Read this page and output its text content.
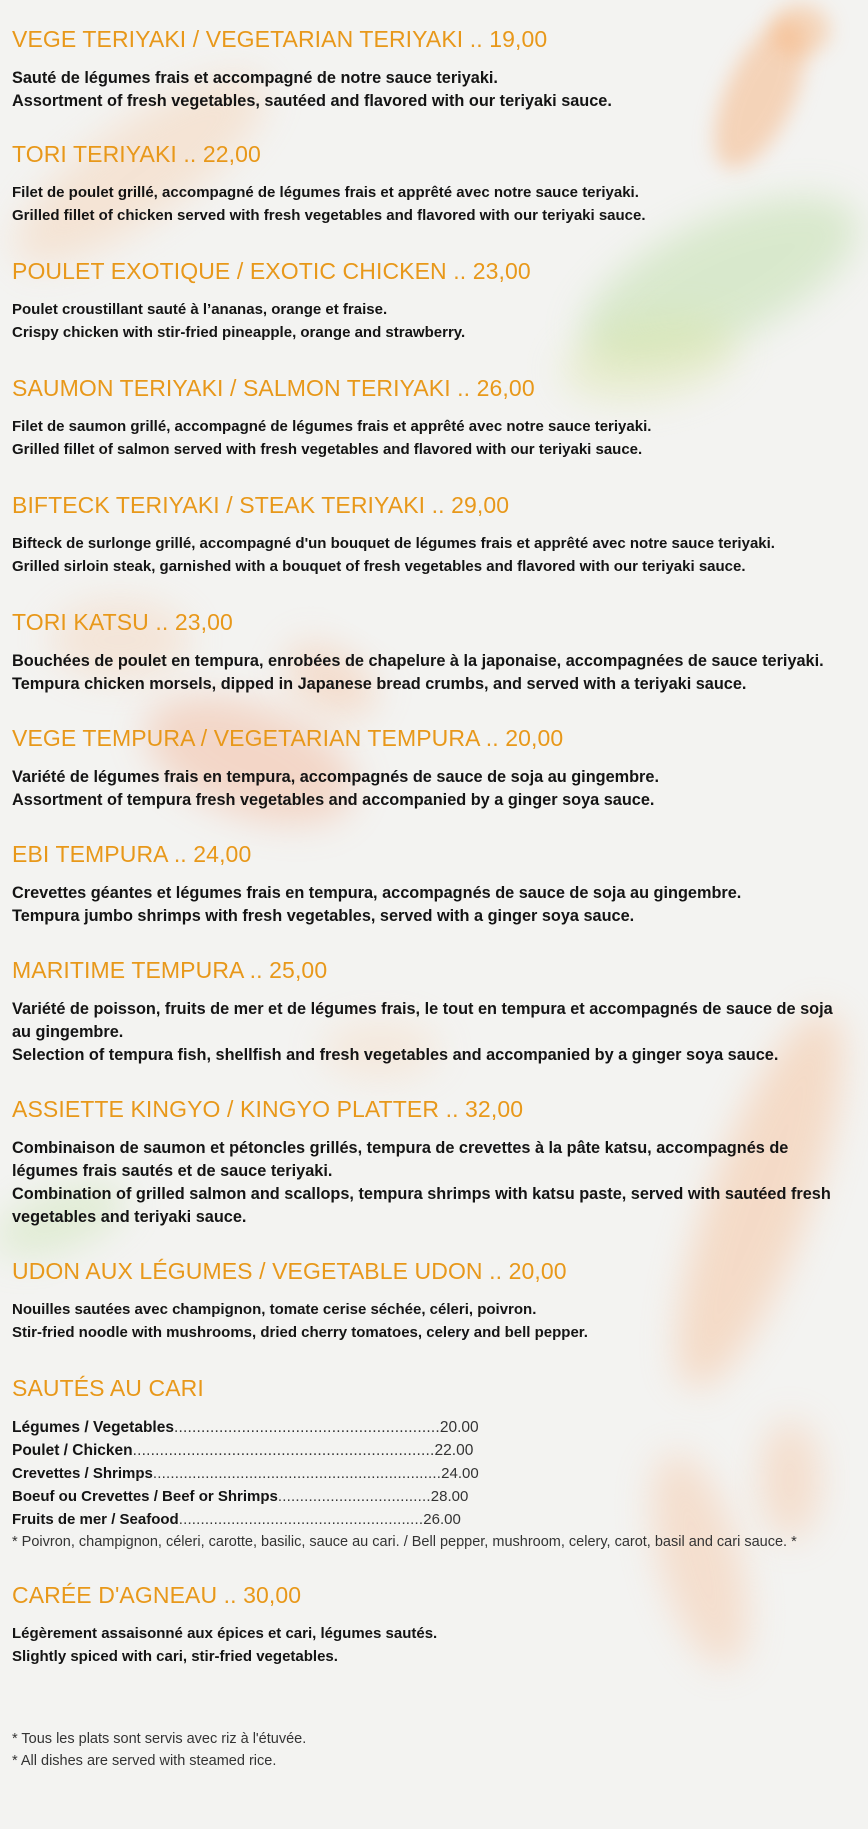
VEGE TERIYAKI / VEGETARIAN TERIYAKI .. 19,00
Sauté de légumes frais et accompagné de notre sauce teriyaki.
Assortment of fresh vegetables, sautéed and flavored with our teriyaki sauce.
TORI TERIYAKI .. 22,00
Filet de poulet grillé, accompagné de légumes frais et apprêté avec notre sauce teriyaki.
Grilled fillet of chicken served with fresh vegetables and flavored with our teriyaki sauce.
POULET EXOTIQUE / EXOTIC CHICKEN .. 23,00
Poulet croustillant sauté à l’ananas, orange et fraise.
Crispy chicken with stir-fried pineapple, orange and strawberry.
SAUMON TERIYAKI / SALMON TERIYAKI .. 26,00
Filet de saumon grillé, accompagné de légumes frais et apprêté avec notre sauce teriyaki.
Grilled fillet of salmon served with fresh vegetables and flavored with our teriyaki sauce.
BIFTECK TERIYAKI / STEAK TERIYAKI .. 29,00
Bifteck de surlonge grillé, accompagné d'un bouquet de légumes frais et apprêté avec notre sauce teriyaki.
Grilled sirloin steak, garnished with a bouquet of fresh vegetables and flavored with our teriyaki sauce.
TORI KATSU .. 23,00
Bouchées de poulet en tempura, enrobées de chapelure à la japonaise, accompagnées de sauce teriyaki.
Tempura chicken morsels, dipped in Japanese bread crumbs, and served with a teriyaki sauce.
VEGE TEMPURA / VEGETARIAN TEMPURA .. 20,00
Variété de légumes frais en tempura, accompagnés de sauce de soja au gingembre.
Assortment of tempura fresh vegetables and accompanied by a ginger soya sauce.
EBI TEMPURA .. 24,00
Crevettes géantes et légumes frais en tempura, accompagnés de sauce de soja au gingembre.
Tempura jumbo shrimps with fresh vegetables, served with a ginger soya sauce.
MARITIME TEMPURA .. 25,00
Variété de poisson, fruits de mer et de légumes frais, le tout en tempura et accompagnés de sauce de soja au gingembre.
Selection of tempura fish, shellfish and fresh vegetables and accompanied by a ginger soya sauce.
ASSIETTE KINGYO / KINGYO PLATTER .. 32,00
Combinaison de saumon et pétoncles grillés, tempura de crevettes à la pâte katsu, accompagnés de légumes frais sautés et de sauce teriyaki.
Combination of grilled salmon and scallops, tempura shrimps with katsu paste, served with sautéed fresh vegetables and teriyaki sauce.
UDON AUX LÉGUMES / VEGETABLE UDON .. 20,00
Nouilles sautées avec champignon, tomate cerise séchée, céleri, poivron.
Stir-fried noodle with mushrooms, dried cherry tomatoes, celery and bell pepper.
SAUTÉS AU CARI
Légumes / Vegetables...........................................................20.00
Poulet / Chicken...................................................................22.00
Crevettes / Shrimps..................................................................24.00
Boeuf ou Crevettes / Beef or Shrimps...................................28.00
Fruits de mer / Seafood........................................................26.00
* Poivron, champignon, céleri, carotte, basilic, sauce au cari. / Bell pepper, mushroom, celery, carot, basil and cari sauce. *
CARÉE D'AGNEAU .. 30,00
Légèrement assaisonné aux épices et cari, légumes sautés.
Slightly spiced with cari, stir-fried vegetables.
* Tous les plats sont servis avec riz à l'étuvée.
* All dishes are served with steamed rice.
